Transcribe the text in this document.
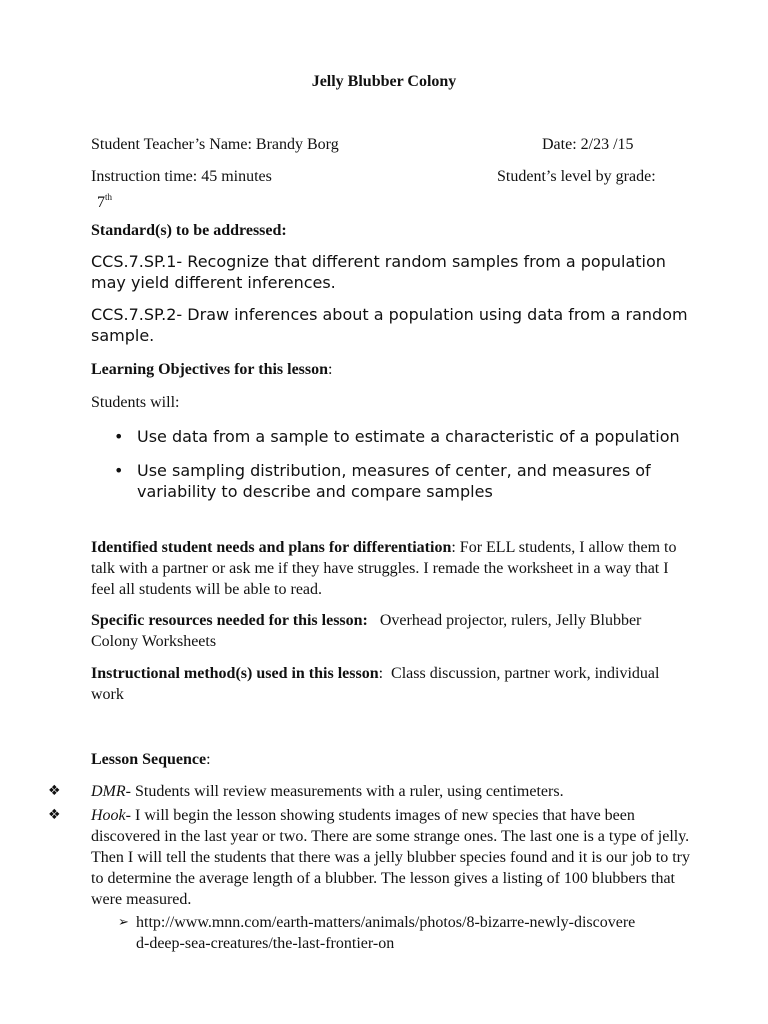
Jelly Blubber Colony
Student Teacher’s Name: Brandy Borg	Date: 2/23 /15
Instruction time: 45 minutes	Student’s level by grade:
7th
Standard(s) to be addressed:
CCS.7.SP.1- Recognize that different random samples from a population may yield different inferences.
CCS.7.SP.2- Draw inferences about a population using data from a random sample.
Learning Objectives for this lesson:
Students will:
• Use data from a sample to estimate a characteristic of a population
• Use sampling distribution, measures of center, and measures of variability to describe and compare samples
Identified student needs and plans for differentiation: For ELL students, I allow them to talk with a partner or ask me if they have struggles. I remade the worksheet in a way that I feel all students will be able to read.
Specific resources needed for this lesson:   Overhead projector, rulers, Jelly Blubber Colony Worksheets
Instructional method(s) used in this lesson:  Class discussion, partner work, individual work
Lesson Sequence:
❖ DMR- Students will review measurements with a ruler, using centimeters.
❖ Hook- I will begin the lesson showing students images of new species that have been discovered in the last year or two. There are some strange ones. The last one is a type of jelly. Then I will tell the students that there was a jelly blubber species found and it is our job to try to determine the average length of a blubber. The lesson gives a listing of 100 blubbers that were measured.
➢ http://www.mnn.com/earth-matters/animals/photos/8-bizarre-newly-discovered-deep-sea-creatures/the-last-frontier-on
